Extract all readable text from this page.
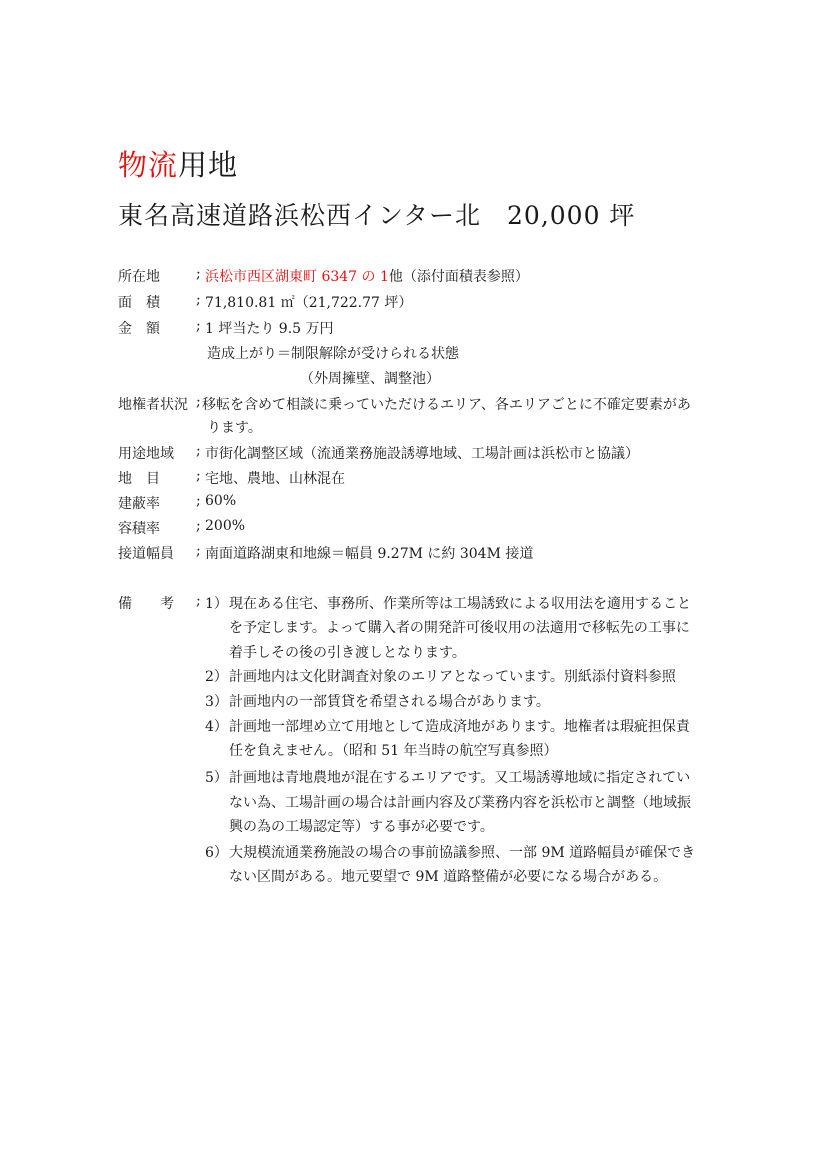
物流用地
東名高速道路浜松西インター北　20,000 坪
所在地	; 浜松市西区湖東町 6347 の 1他（添付面積表参照）
面　積	; 71,810.81 ㎡（21,722.77 坪）
金　額	; 1 坪当たり 9.5 万円
造成上がり＝制限解除が受けられる状態
（外周擁壁、調整池）
地権者状況 ; 移転を含めて相談に乗っていただけるエリア、各エリアごとに不確定要素があ
ります。
用途地域 ; 市街化調整区域（流通業務施設誘導地域、工場計画は浜松市と協議）
地　目	; 宅地、農地、山林混在
建蔽率	; 60%
容積率	; 200%
接道幅員 ; 南面道路湖東和地線＝幅員 9.27M に約 304M 接道
備　　考 ; 1） 現在ある住宅、事務所、作業所等は工場誘致による収用法を適用すること
を予定します。よって購入者の開発許可後収用の法適用で移転先の工事に
着手しその後の引き渡しとなります。
2） 計画地内は文化財調査対象のエリアとなっています。別紙添付資料参照
3） 計画地内の一部賃貸を希望される場合があります。
4） 計画地一部埋め立て用地として造成済地があります。地権者は瑕疵担保責
任を負えません。（昭和 51 年当時の航空写真参照）
5） 計画地は青地農地が混在するエリアです。又工場誘導地域に指定されてい
ない為、工場計画の場合は計画内容及び業務内容を浜松市と調整（地域振
興の為の工場認定等）する事が必要です。
6） 大規模流通業務施設の場合の事前協議参照、一部 9M 道路幅員が確保でき
ない区間がある。地元要望で 9M 道路整備が必要になる場合がある。
